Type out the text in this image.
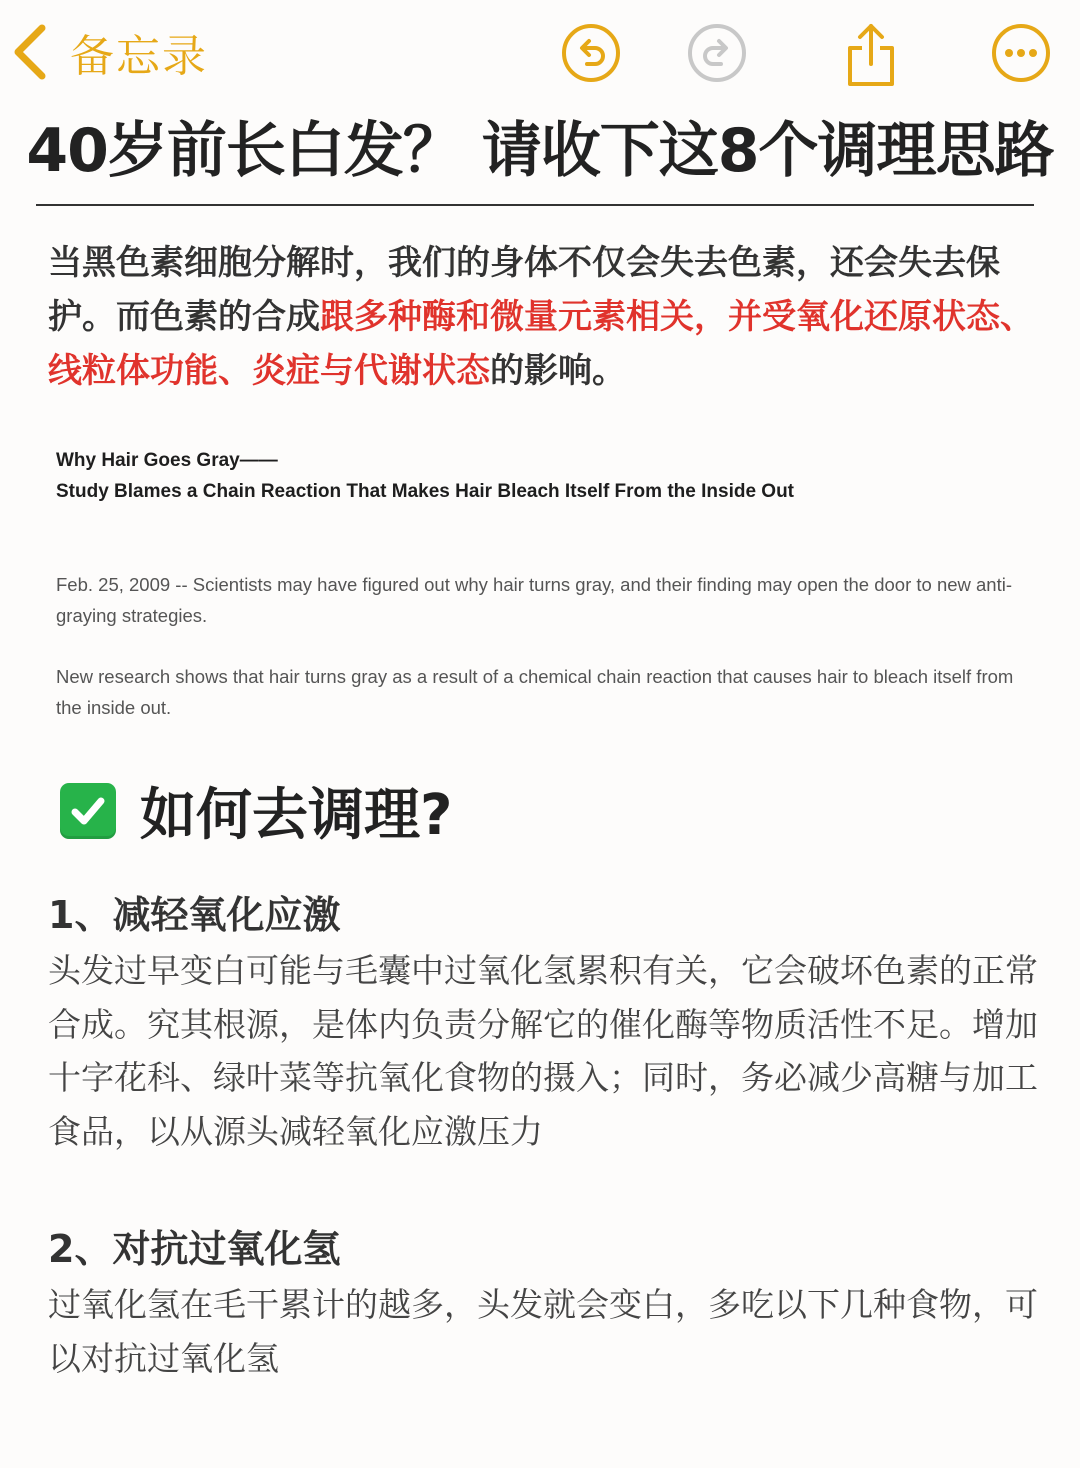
备忘录
40岁前长白发？ 请收下这8个调理思路
当黑色素细胞分解时，我们的身体不仅会失去色素，还会失去保护。而色素的合成跟多种酶和微量元素相关，并受氧化还原状态、线粒体功能、炎症与代谢状态的影响。
Why Hair Goes Gray——
Study Blames a Chain Reaction That Makes Hair Bleach Itself From the Inside Out
Feb. 25, 2009 -- Scientists may have figured out why hair turns gray, and their finding may open the door to new anti-graying strategies.
New research shows that hair turns gray as a result of a chemical chain reaction that causes hair to bleach itself from the inside out.
如何去调理?
1、减轻氧化应激
头发过早变白可能与毛囊中过氧化氢累积有关，它会破坏色素的正常合成。究其根源，是体内负责分解它的催化酶等物质活性不足。增加十字花科、绿叶菜等抗氧化食物的摄入；同时，务必减少高糖与加工食品，以从源头减轻氧化应激压力
2、对抗过氧化氢
过氧化氢在毛干累计的越多，头发就会变白，多吃以下几种食物，可以对抗过氧化氢
